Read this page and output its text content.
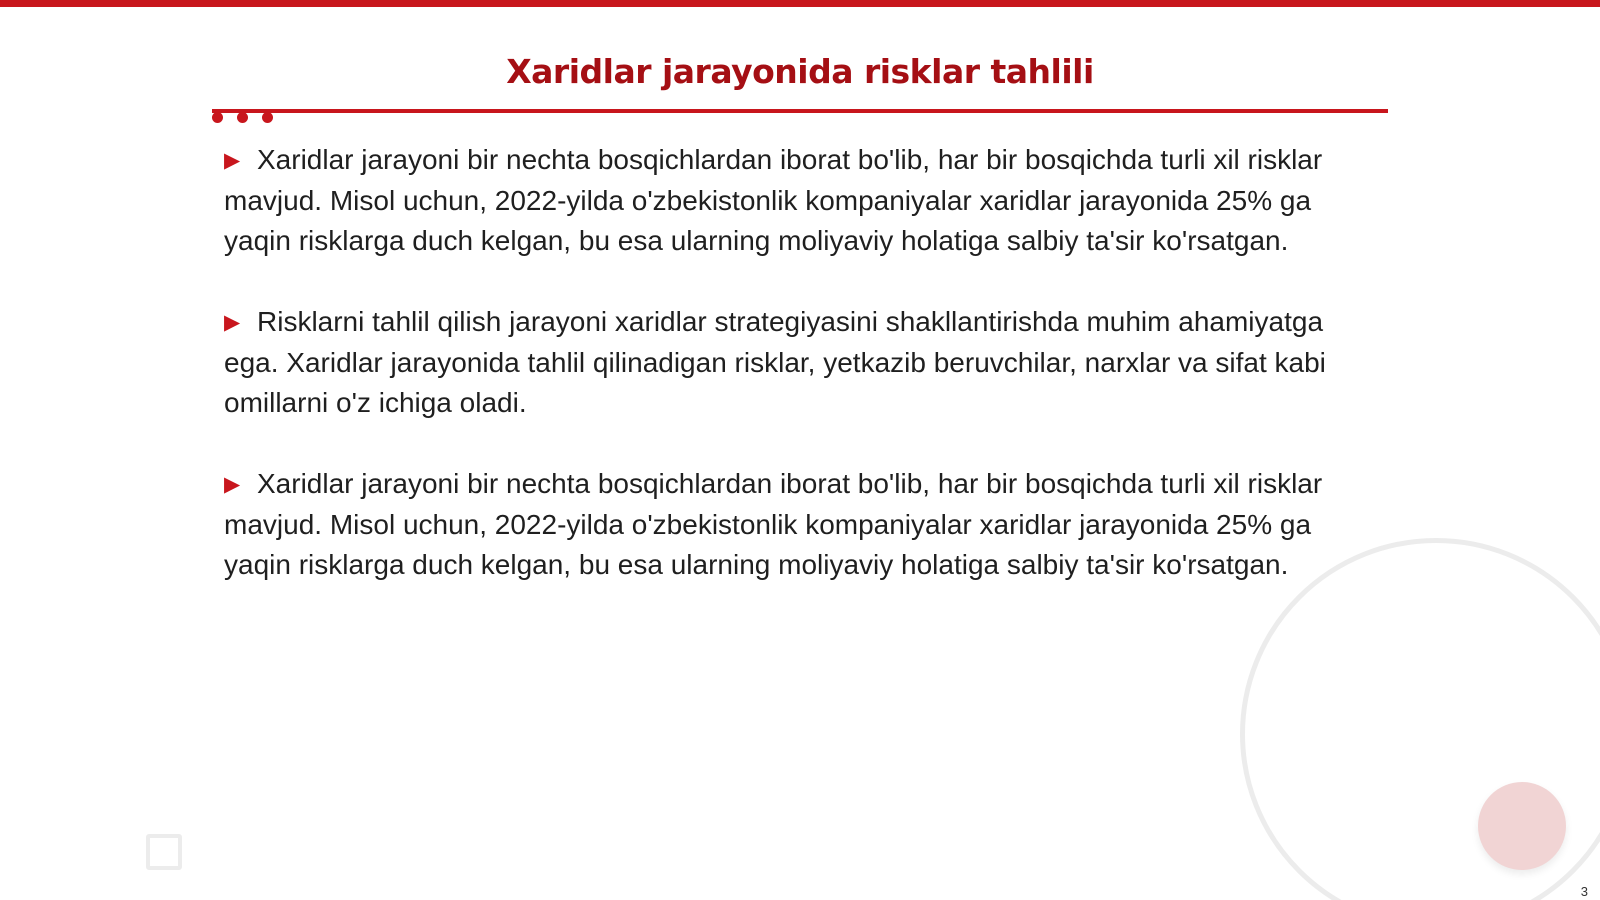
Xaridlar jarayonida risklar tahlili

▶ Xaridlar jarayoni bir nechta bosqichlardan iborat bo'lib, har bir bosqichda turli xil risklar mavjud. Misol uchun, 2022-yilda o'zbekistonlik kompaniyalar xaridlar jarayonida 25% ga yaqin risklarga duch kelgan, bu esa ularning moliyaviy holatiga salbiy ta'sir ko'rsatgan.

▶ Risklarni tahlil qilish jarayoni xaridlar strategiyasini shakllantirishda muhim ahamiyatga ega. Xaridlar jarayonida tahlil qilinadigan risklar, yetkazib beruvchilar, narxlar va sifat kabi omillarni o'z ichiga oladi.

▶ Xaridlar jarayoni bir nechta bosqichlardan iborat bo'lib, har bir bosqichda turli xil risklar mavjud. Misol uchun, 2022-yilda o'zbekistonlik kompaniyalar xaridlar jarayonida 25% ga yaqin risklarga duch kelgan, bu esa ularning moliyaviy holatiga salbiy ta'sir ko'rsatgan.

3
